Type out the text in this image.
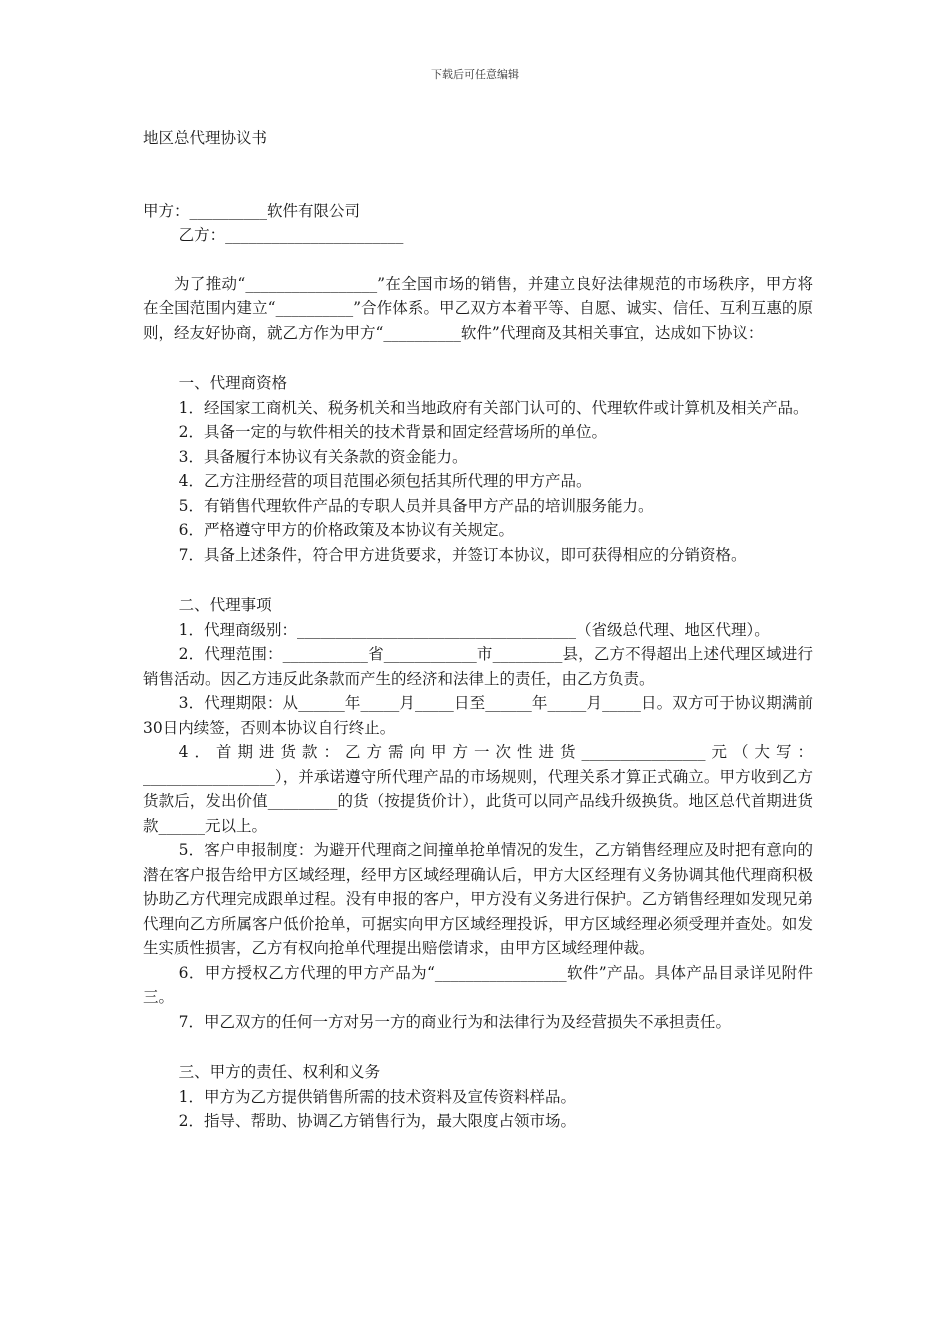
下载后可任意编辑

地区总代理协议书

甲方：__________软件有限公司

乙方：_______________________

为了推动“_________________”在全国市场的销售，并建立良好法律规范的市场秩序，甲方将在全国范围内建立“__________”合作体系。甲乙双方本着平等、自愿、诚实、信任、互利互惠的原则，经友好协商，就乙方作为甲方“__________软件”代理商及其相关事宜，达成如下协议：

一、代理商资格

1．经国家工商机关、税务机关和当地政府有关部门认可的、代理软件或计算机及相关产品。

2．具备一定的与软件相关的技术背景和固定经营场所的单位。

3．具备履行本协议有关条款的资金能力。

4．乙方注册经营的项目范围必须包括其所代理的甲方产品。

5．有销售代理软件产品的专职人员并具备甲方产品的培训服务能力。

6．严格遵守甲方的价格政策及本协议有关规定。

7．具备上述条件，符合甲方进货要求，并签订本协议，即可获得相应的分销资格。

二、代理事项

1．代理商级别：____________________________________（省级总代理、地区代理）。

2．代理范围：___________省____________市_________县，乙方不得超出上述代理区域进行销售活动。因乙方违反此条款而产生的经济和法律上的责任，由乙方负责。

3．代理期限：从______年_____月_____日至______年_____月_____日。双方可于协议期满前30日内续签，否则本协议自行终止。

4．首期进货款：乙方需向甲方一次性进货________________元（大写：_________________），并承诺遵守所代理产品的市场规则，代理关系才算正式确立。甲方收到乙方货款后，发出价值_________的货（按提货价计），此货可以同产品线升级换货。地区总代首期进货款______元以上。

5．客户申报制度：为避开代理商之间撞单抢单情况的发生，乙方销售经理应及时把有意向的潜在客户报告给甲方区域经理，经甲方区域经理确认后，甲方大区经理有义务协调其他代理商积极协助乙方代理完成跟单过程。没有申报的客户，甲方没有义务进行保护。乙方销售经理如发现兄弟代理向乙方所属客户低价抢单，可据实向甲方区域经理投诉，甲方区域经理必须受理并查处。如发生实质性损害，乙方有权向抢单代理提出赔偿请求，由甲方区域经理仲裁。

6．甲方授权乙方代理的甲方产品为“_________________软件”产品。具体产品目录详见附件三。

7．甲乙双方的任何一方对另一方的商业行为和法律行为及经营损失不承担责任。

三、甲方的责任、权利和义务

1．甲方为乙方提供销售所需的技术资料及宣传资料样品。

2．指导、帮助、协调乙方销售行为，最大限度占领市场。
